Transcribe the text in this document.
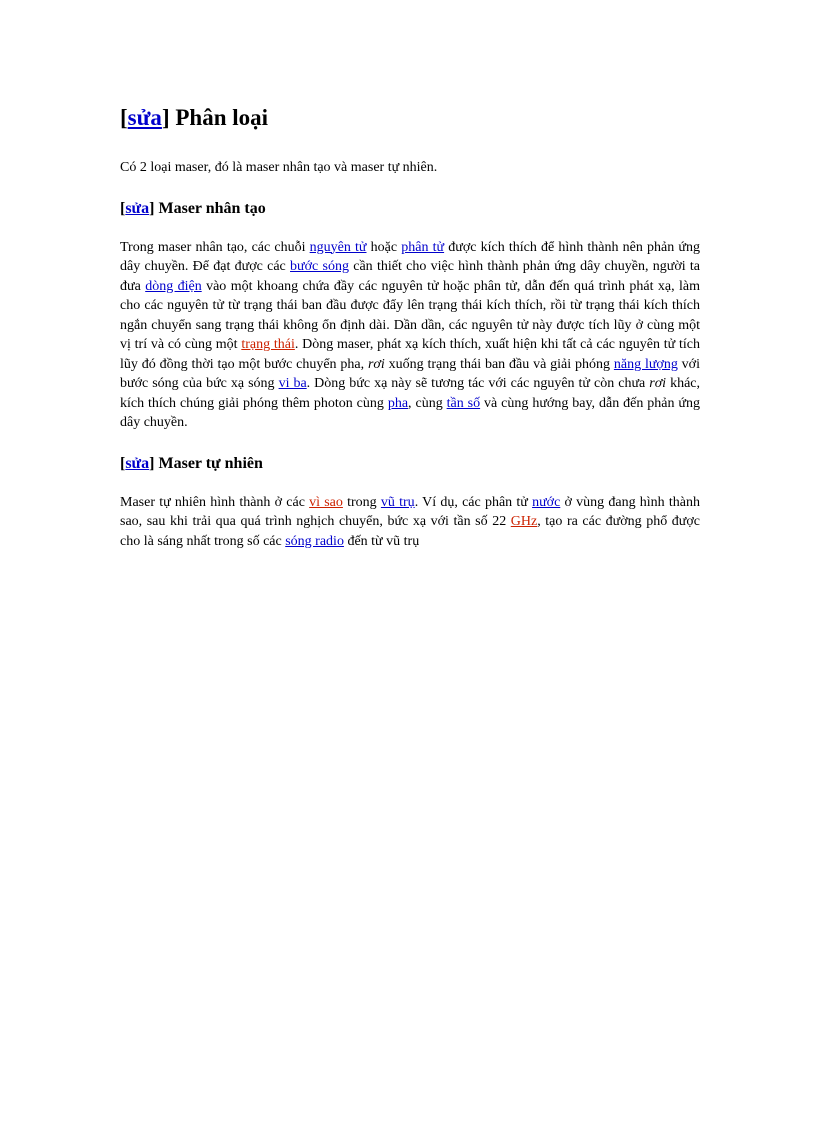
[sửa] Phân loại

Có 2 loại maser, đó là maser nhân tạo và maser tự nhiên.

[sửa] Maser nhân tạo

Trong maser nhân tạo, các chuỗi nguyên tử hoặc phân tử được kích thích để hình thành nên phản ứng dây chuyền. Để đạt được các bước sóng cần thiết cho việc hình thành phản ứng dây chuyền, người ta đưa dòng điện vào một khoang chứa đầy các nguyên tử hoặc phân tử, dẫn đến quá trình phát xạ, làm cho các nguyên tử từ trạng thái ban đầu được đẩy lên trạng thái kích thích, rồi từ trạng thái kích thích ngắn chuyển sang trạng thái không ổn định dài. Dần dần, các nguyên tử này được tích lũy ở cùng một vị trí và có cùng một trạng thái. Dòng maser, phát xạ kích thích, xuất hiện khi tất cả các nguyên tử tích lũy đó đồng thời tạo một bước chuyển pha, rơi xuống trạng thái ban đầu và giải phóng năng lượng với bước sóng của bức xạ sóng vi ba. Dòng bức xạ này sẽ tương tác với các nguyên tử còn chưa rơi khác, kích thích chúng giải phóng thêm photon cùng pha, cùng tần số và cùng hướng bay, dẫn đến phản ứng dây chuyền.

[sửa] Maser tự nhiên

Maser tự nhiên hình thành ở các vì sao trong vũ trụ. Ví dụ, các phân tử nước ở vùng đang hình thành sao, sau khi trải qua quá trình nghịch chuyển, bức xạ với tần số 22 GHz, tạo ra các đường phổ được cho là sáng nhất trong số các sóng radio đến từ vũ trụ
